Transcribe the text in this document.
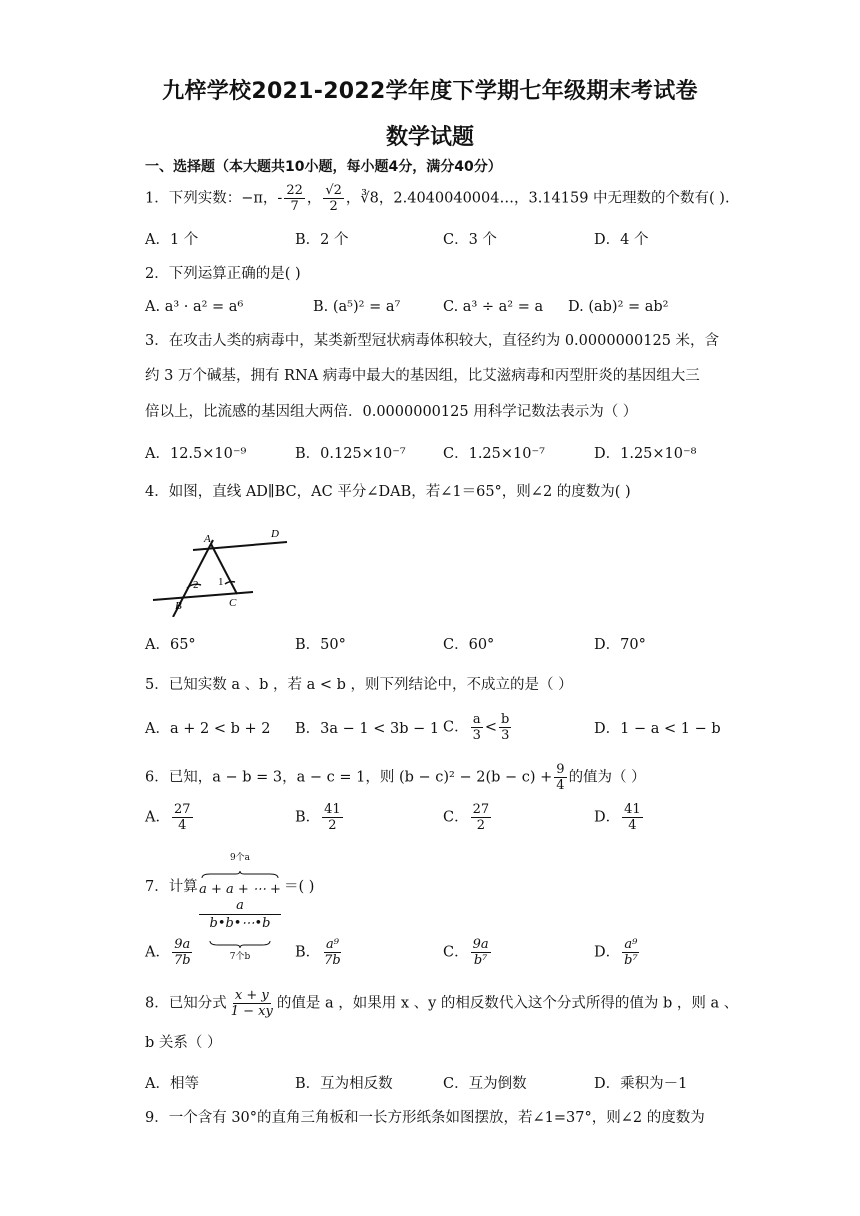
九梓学校2021-2022学年度下学期七年级期末考试卷
数学试题
一、选择题（本大题共10小题，每小题4分，满分40分）
1．下列实数：−π，- $\frac{22}{7}$ ， $\frac{√2}{2}$ ，∛8，2.4040040004…，3.14159 中无理数的个数有( ).
A．1 个	B．2 个	C．3 个	D．4 个
2．下列运算正确的是( )
A. a³ · a² = a⁶	B. (a⁵)² = a⁷	C. a³ ÷ a² = a D. (ab)² = ab²
3．在攻击人类的病毒中，某类新型冠状病毒体积较大，直径约为 0.0000000125 米，含
约 3 万个碱基，拥有 RNA 病毒中最大的基因组，比艾滋病毒和丙型肝炎的基因组大三
倍以上，比流感的基因组大两倍．0.0000000125 用科学记数法表示为（ ）
A．12.5×10⁻⁹	B．0.125×10⁻⁷	C．1.25×10⁻⁷	D．1.25×10⁻⁸
4．如图，直线 AD∥BC，AC 平分∠DAB，若∠1＝65°，则∠2 的度数为( )
A	D
B	C
1
2
A．65°	B．50°	C．60°	D．70°
5．已知实数 a 、b ，若 a < b ，则下列结论中，不成立的是（ ）
A．a + 2 < b + 2 B．3a − 1 < 3b − 1 C． $\frac{a}{3} < \frac{b}{3}$	D．1 − a < 1 − b
6．已知，a − b = 3，a − c = 1，则 $(b - c)^2 - 2(b - c) + \frac{9}{4}$ 的值为（ ）
A． $\frac{27}{4}$	B． $\frac{41}{2}$	C． $\frac{27}{2}$	D． $\frac{41}{4}$
7．计算
9个a
a + a + ⋯ + a
b•b•⋯•b
7个b
＝( )
A． $\frac{9a}{7b}$	B． $\frac{\text{a⁹}}{7b}$	C． $\frac{9a}{\text{b⁷}}$	D． $\frac{\text{a⁹}}{\text{b⁷}}$
8．已知分式 $\frac{x + y}{1 - xy}$ 的值是 a ，如果用 x 、y 的相反数代入这个分式所得的值为 b ，则 a 、
b 关系（ ）
A．相等	B．互为相反数	C．互为倒数	D．乘积为－1
9．一个含有 30°的直角三角板和一长方形纸条如图摆放，若∠1=37°，则∠2 的度数为
